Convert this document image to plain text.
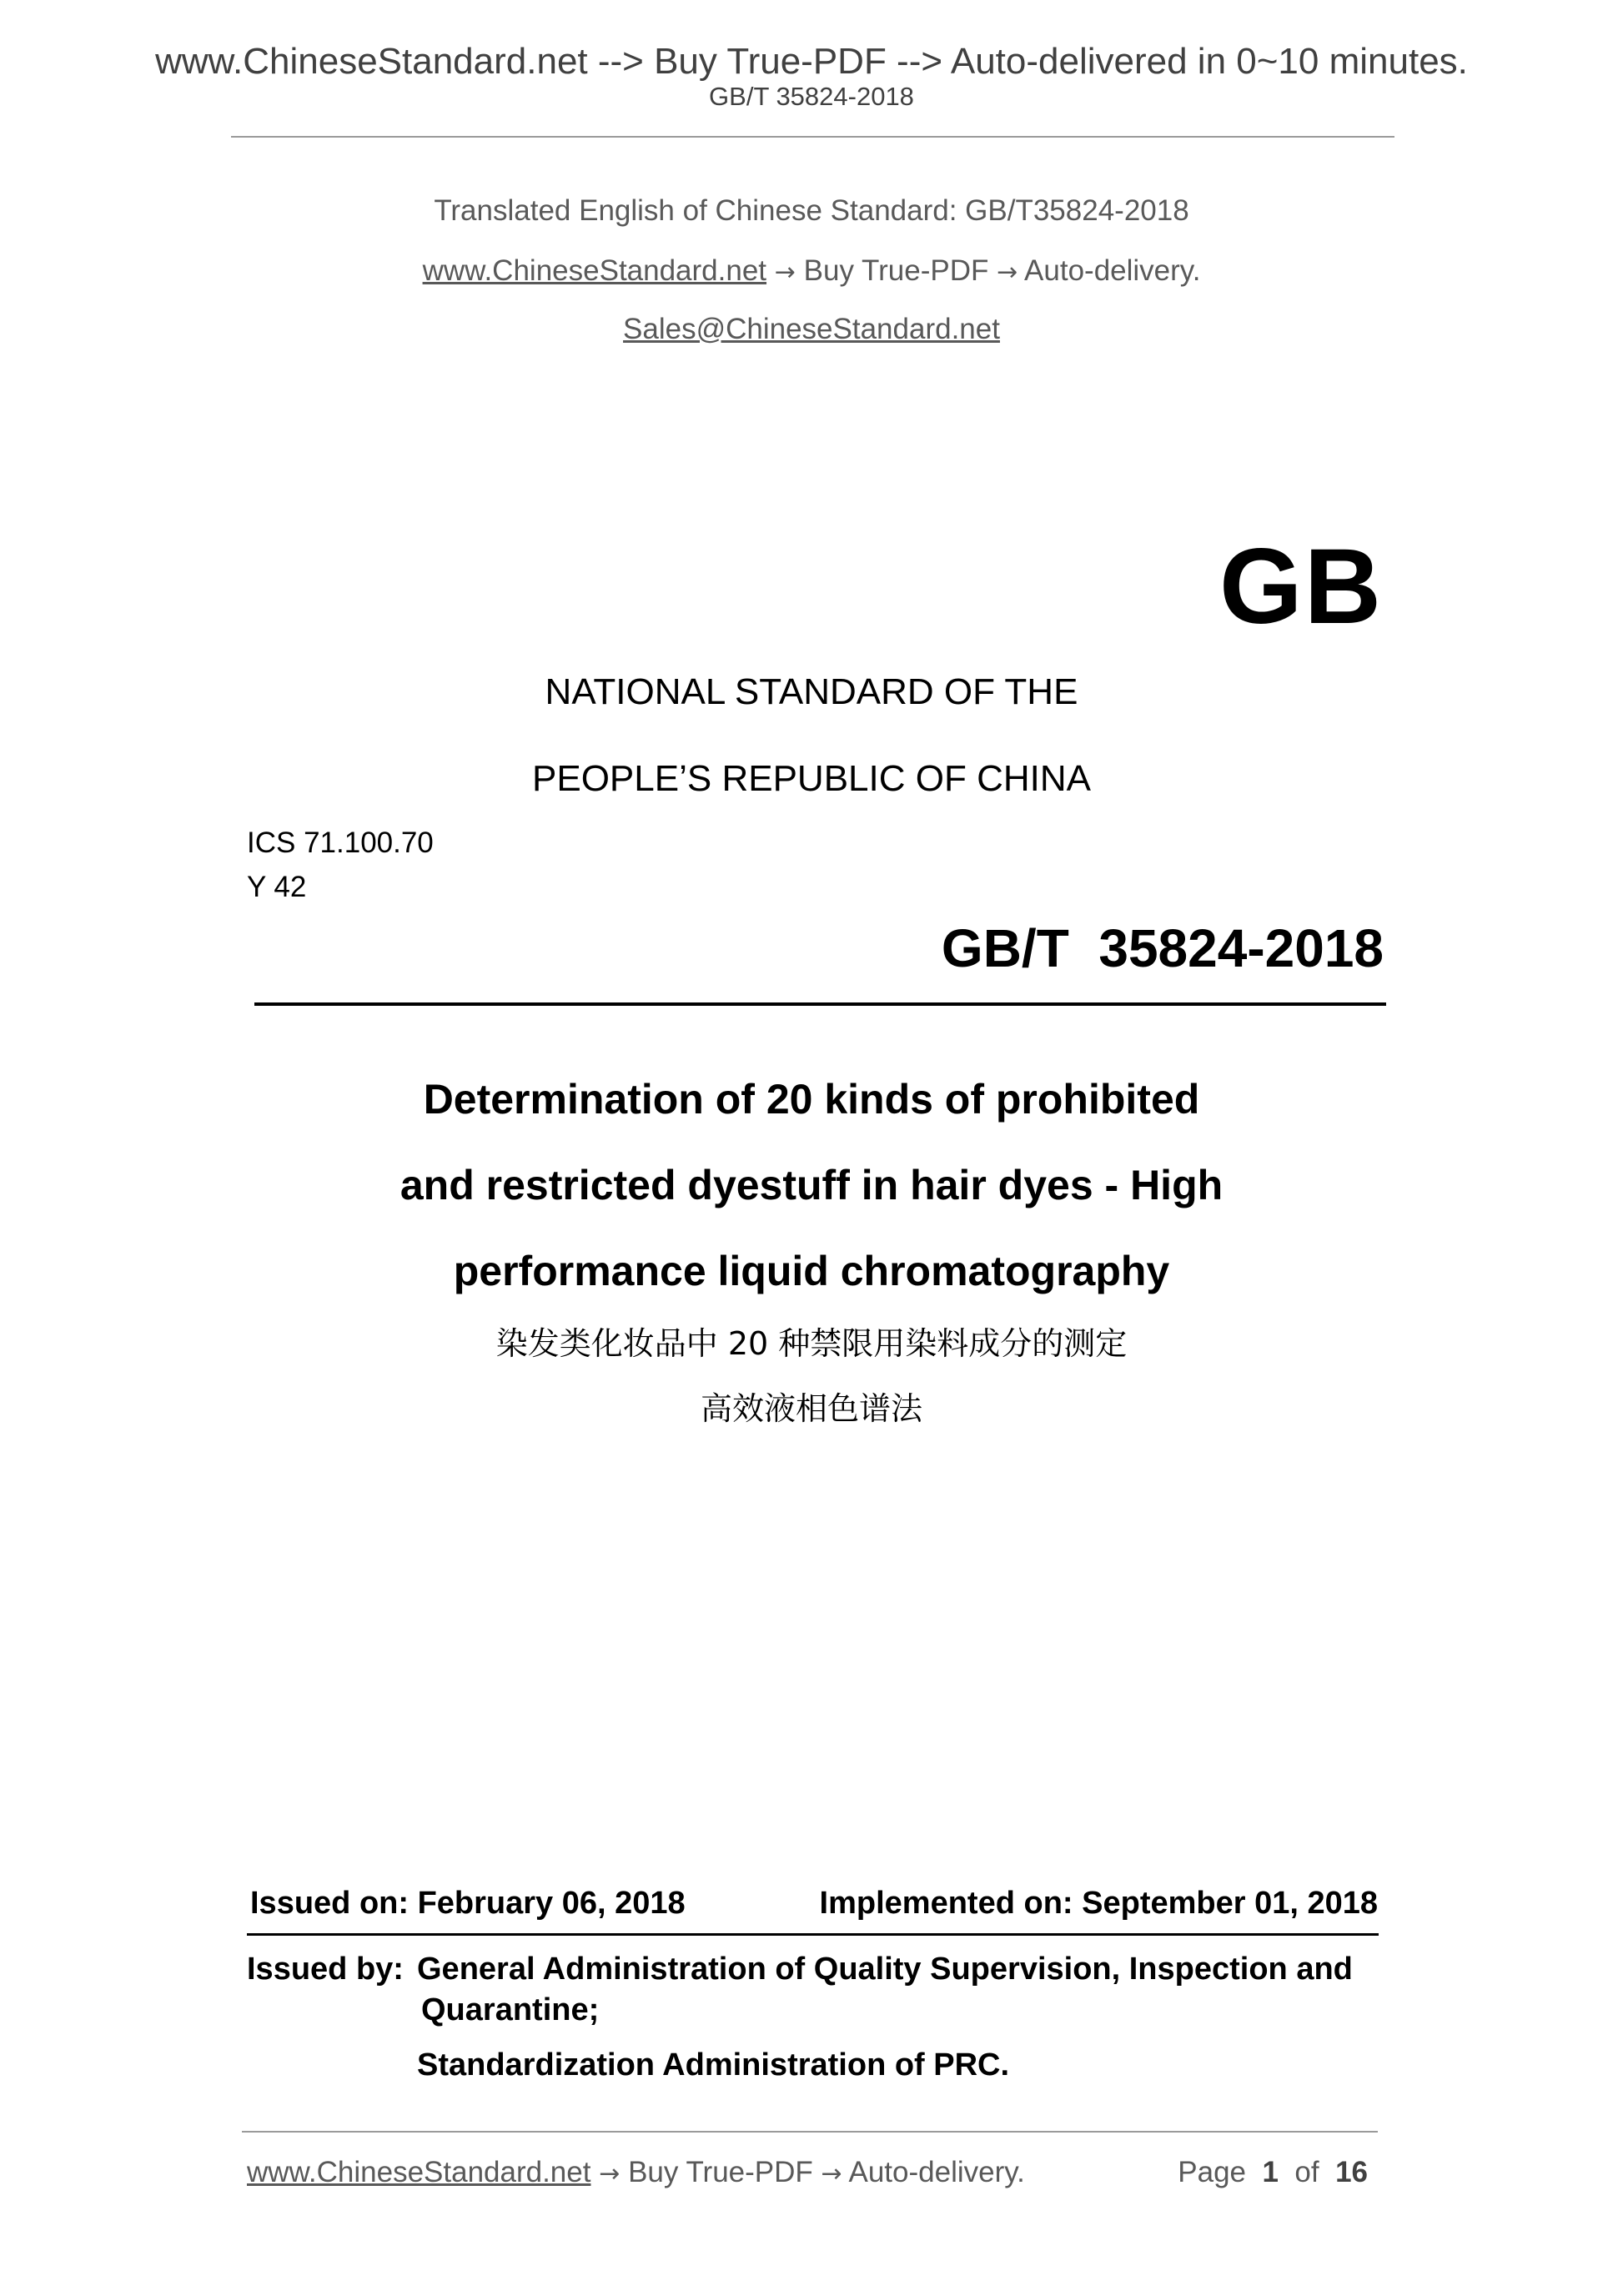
www.ChineseStandard.net --> Buy True-PDF --> Auto-delivered in 0~10 minutes.
GB/T 35824-2018
Translated English of Chinese Standard: GB/T35824-2018
www.ChineseStandard.net → Buy True-PDF → Auto-delivery.
Sales@ChineseStandard.net
GB
NATIONAL STANDARD OF THE
PEOPLE’S REPUBLIC OF CHINA
ICS 71.100.70
Y 42
GB/T  35824-2018
Determination of 20 kinds of prohibited
and restricted dyestuff in hair dyes - High
performance liquid chromatography
染发类化妆品中 20 种禁限用染料成分的测定
高效液相色谱法
Issued on: February 06, 2018	Implemented on: September 01, 2018
Issued by: General Administration of Quality Supervision, Inspection and
Quarantine;
Standardization Administration of PRC.
www.ChineseStandard.net → Buy True-PDF → Auto-delivery.	Page 1 of 16
